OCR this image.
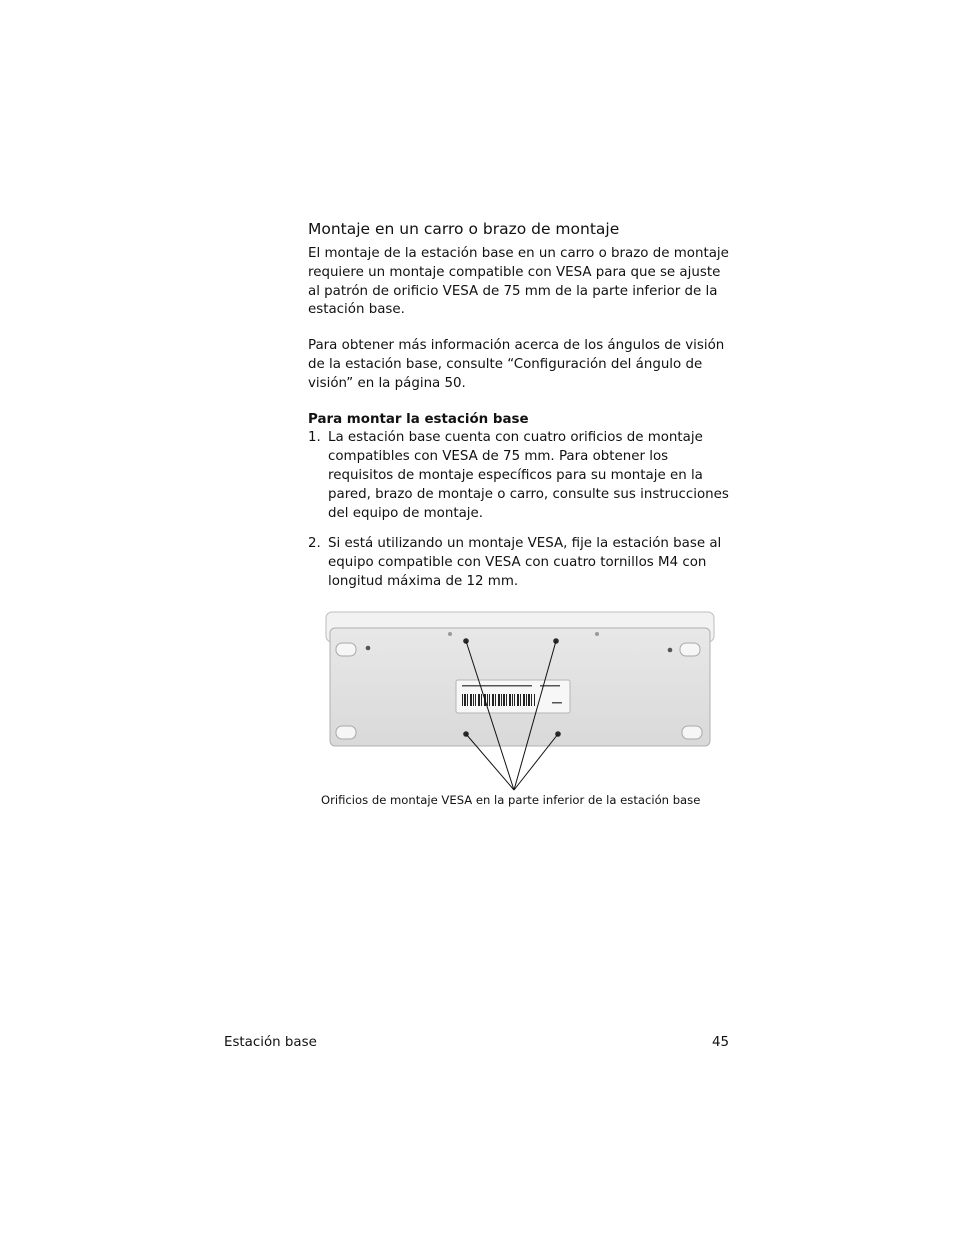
Montaje en un carro o brazo de montaje

El montaje de la estación base en un carro o brazo de montaje requiere un montaje compatible con VESA para que se ajuste al patrón de orificio VESA de 75 mm de la parte inferior de la estación base.

Para obtener más información acerca de los ángulos de visión de la estación base, consulte “Configuración del ángulo de visión” en la página 50.

Para montar la estación base

1. La estación base cuenta con cuatro orificios de montaje compatibles con VESA de 75 mm. Para obtener los requisitos de montaje específicos para su montaje en la pared, brazo de montaje o carro, consulte sus instrucciones del equipo de montaje.
2. Si está utilizando un montaje VESA, fije la estación base al equipo compatible con VESA con cuatro tornillos M4 con longitud máxima de 12 mm.
Orificios de montaje VESA en la parte inferior de la estación base
Estación base	45
